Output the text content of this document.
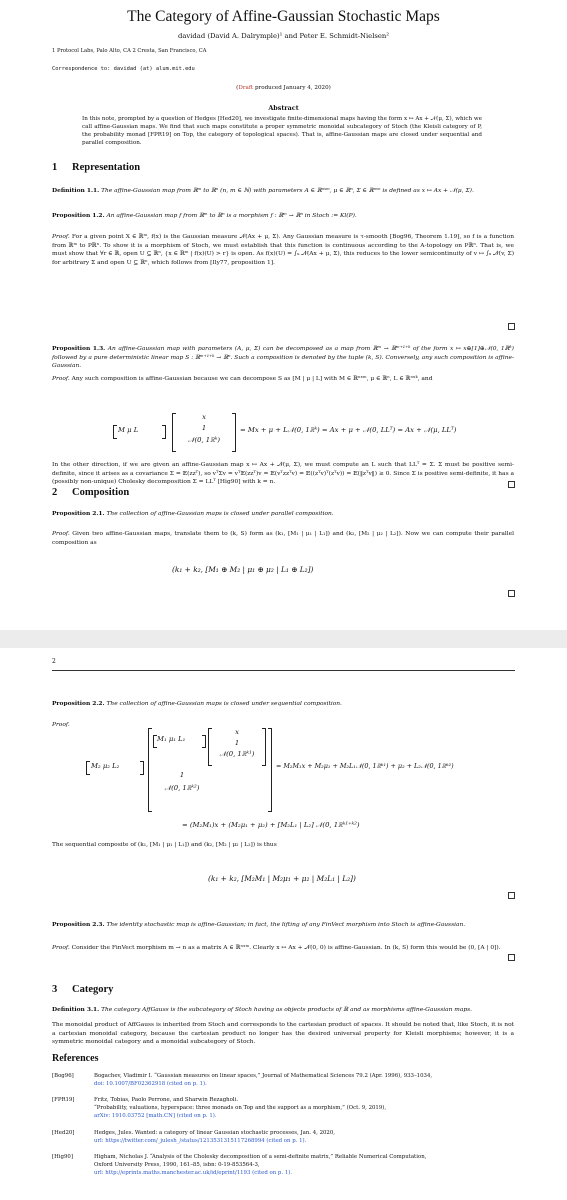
The Category of Affine-Gaussian Stochastic Maps
davidad (David A. Dalrymple)¹ and Peter E. Schmidt-Nielsen²
1 Protocol Labs, Palo Alto, CA 2 Cresta, San Francisco, CA
Correspondence to: davidad (at) alum.mit.edu
(Draft produced January 4, 2020)
Abstract
In this note, prompted by a question of Hedges [Hed20], we investigate finite-dimensional maps having the form x ↦ Ax + 𝒩(μ, Σ), which we call affine-Gaussian maps. We find that such maps constitute a proper symmetric monoidal subcategory of Stoch (the Kleisli category of P, the probability monad [FPR19] on Top, the category of topological spaces). That is, affine-Gaussian maps are closed under sequential and parallel composition.
1 Representation
Definition 1.1. The affine-Gaussian map from ℝᵐ to ℝⁿ (n, m ∈ ℕ) with parameters A ∈ ℝⁿˣᵐ, μ ∈ ℝⁿ, Σ ∈ ℝⁿˣⁿ is defined as x ↦ Ax + 𝒩(μ, Σ).
Proposition 1.2. An affine-Gaussian map f from ℝᵐ to ℝⁿ is a morphism f : ℝᵐ → ℝⁿ in Stoch := Kl(P).
Proof. For a given point X ∈ ℝᵐ, f(x) is the Gaussian measure 𝒩(Ax + μ, Σ). Any Gaussian measure is τ-smooth [Bog96, Theorem 1.19], so f is a function from ℝᵐ to Pℝⁿ. To show it is a morphism of Stoch, we must establish that this function is continuous according to the A-topology on Pℝⁿ. That is, we must show that ∀r ∈ ℝ, open U ⊆ ℝⁿ, {x ∈ ℝᵐ | f(x)(U) > r} is open. As f(x)(U) = ∫ᵤ 𝒩(Ax + μ, Σ), this reduces to the lower semicontinuity of v ↦ ∫ᵤ 𝒩(v, Σ) for arbitrary Σ and open U ⊆ ℝⁿ, which follows from [Ily77, proposition 1].
Proposition 1.3. An affine-Gaussian map with parameters (A, μ, Σ) can be decomposed as a map from ℝᵐ → ℝᵐ⁺¹⁺ᵏ of the form x ↦ x⊕[1]⊕𝒩(0, 1ℝᵏ) followed by a pure deterministic linear map S : ℝᵐ⁺¹⁺ᵏ → ℝⁿ. Such a composition is denoted by the tuple (k, S). Conversely, any such composition is affine-Gaussian.
Proof. Any such composition is affine-Gaussian because we can decompose S as [M | μ | L] with M ∈ ℝⁿˣᵐ, μ ∈ ℝⁿ, L ∈ ℝⁿˣᵏ, and
M μ L
x
1
𝒩(0, 1ℝᵏ)
= Mx + μ + L𝒩(0, 1ℝᵏ) = Ax + μ + 𝒩(0, LLᵀ) = Ax + 𝒩(μ, LLᵀ)
In the other direction, if we are given an affine-Gaussian map x ↦ Ax + 𝒩(μ, Σ), we must compute an L such that LLᵀ = Σ. Σ must be positive semi-definite, since it arises as a covariance Σ = 𝔼(zzᵀ), so vᵀΣv = vᵀ𝔼(zzᵀ)v = 𝔼(vᵀzzᵀv) = 𝔼((zᵀv)ᵀ(zᵀv)) = 𝔼(‖zᵀv‖) ≥ 0. Since Σ is positive semi-definite, it has a (possibly non-unique) Cholesky decomposition Σ = LLᵀ [Hig90] with k = n.
2 Composition
Proposition 2.1. The collection of affine-Gaussian maps is closed under parallel composition.
Proof. Given two affine-Gaussian maps, translate them to (k, S) form as (k₁, [M₁ | μ₁ | L₁]) and (k₂, [M₂ | μ₂ | L₂]). Now we can compute their parallel composition as
(k₁ + k₂, [M₁ ⊕ M₂ | μ₁ ⊕ μ₂ | L₁ ⊕ L₂])
2
Proposition 2.2. The collection of affine-Gaussian maps is closed under sequential composition.
Proof.
M₂ μ₂ L₂
M₁ μ₁ L₁
x
1
𝒩(0, 1ℝᵏ¹)
1
𝒩(0, 1ℝᵏ²)
= M₂M₁x + M₂μ₁ + M₂L₁𝒩(0, 1ℝᵏ¹) + μ₂ + L₂𝒩(0, 1ℝᵏ²)
= (M₂M₁)x + (M₂μ₁ + μ₂) + [M₂L₁ | L₂] 𝒩(0, 1ℝᵏ¹⁺ᵏ²)
The sequential composite of (k₁, [M₁ | μ₁ | L₁]) and (k₂, [M₂ | μ₂ | L₂]) is thus
(k₁ + k₂, [M₂M₁ | M₂μ₁ + μ₂ | M₂L₁ | L₂])
Proposition 2.3. The identity stochastic map is affine-Gaussian; in fact, the lifting of any FinVect morphism into Stoch is affine-Gaussian.
Proof. Consider the FinVect morphism m → n as a matrix A ∈ ℝⁿˣᵐ. Clearly x ↦ Ax + 𝒩(0, 0) is affine-Gaussian. In (k, S) form this would be (0, [A | 0]).
3 Category
Definition 3.1. The category AffGauss is the subcategory of Stoch having as objects products of ℝ and as morphisms affine-Gaussian maps.
The monoidal product of AffGauss is inherited from Stoch and corresponds to the cartesian product of spaces. It should be noted that, like Stoch, it is not a cartesian monoidal category, because the cartesian product no longer has the desired universal property for Kleisli morphisms; however, it is a symmetric monoidal category and a monoidal subcategory of Stoch.
References
[Bog96]	Bogachev, Vladimir I. “Gaussian measures on linear spaces,” Journal of Mathematical Sciences 79.2 (Apr. 1996), 933–1034,
doi: 10.1007/BF02362918 (cited on p. 1).
[FPR19]	Fritz, Tobias, Paolo Perrone, and Sharwin Rezagholi.
“Probability, valuations, hyperspace: three monads on Top and the support as a morphism,” (Oct. 9, 2019),
arXiv: 1910.03752 [math.CN] (cited on p. 1).
[Hed20]	Hedges, Jules. Wanted: a category of linear Gaussian stochastic processes, Jan. 4, 2020,
url: https://twitter.com/_julesh_/status/1213531315117268994 (cited on p. 1).
[Hig90]	Higham, Nicholas J. “Analysis of the Cholesky decomposition of a semi-definite matrix,” Reliable Numerical Computation,
Oxford University Press, 1990, 161–85, isbn: 0-19-853564-3,
url: http://eprints.maths.manchester.ac.uk/id/eprint/1193 (cited on p. 1).
